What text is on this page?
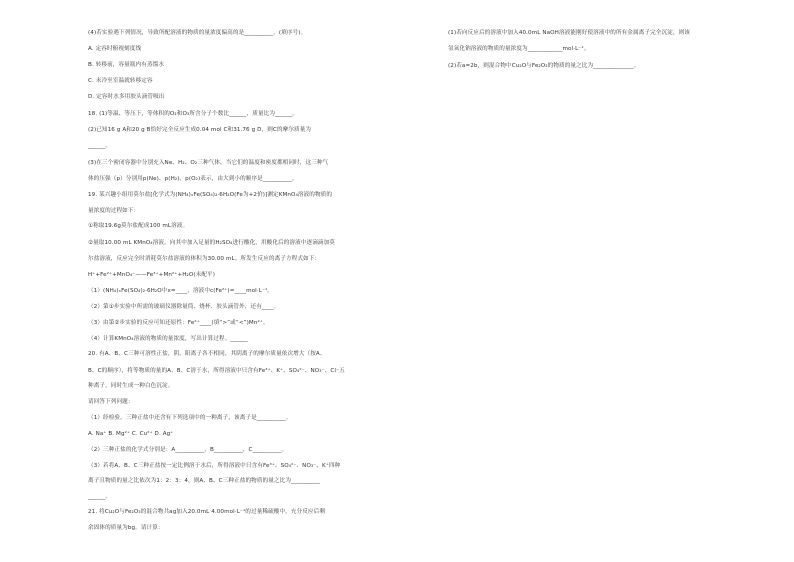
(4)若实验遇下列情况，导致所配溶液的物质的量浓度偏高的是__________。(填序号)。
A. 定容时俯视刻度线
B. 转移前，容量瓶内有蒸馏水
C. 未冷至室温就转移定容
D. 定容时水多用胶头滴管吸出
18. (1)等温、等压下，等体积的O₂和O₃所含分子个数比______，质量比为______。
(2)已知16 g A和20 g B恰好完全反应生成0.04 mol C和31.76 g D，则C的摩尔质量为
______。
(3)在三个密闭容器中分别充入Ne、H₂、O₂三种气体，当它们的温度和密度都相同时，这三种气
体的压强（p）分别用p(Ne)、p(H₂)、p(O₂)表示，由大到小的顺序是__________。
19. 某兴趣小组用莫尔盐[化学式为(NH₄)ₓFe(SO₄)₂·6H₂O(Fe为+2价)]测定KMnO₄溶液的物质的
量浓度的过程如下：
①称取19.6g莫尔盐配成100 mL溶液。
②量取10.00 mL KMnO₄溶液，向其中加入足量的H₂SO₄进行酸化，用酸化后的溶液中逐滴滴加莫
尔盐溶液，反应完全时消耗莫尔盐溶液的体积为30.00 mL。所发生反应的离子方程式如下：
H⁺+Fe²⁺+MnO₄⁻——Fe³⁺+Mn²⁺+H₂O(未配平)
（1）(NH₄)ₓFe(SO₄)₂·6H₂O中x=____，溶液中c(Fe²⁺)=____mol·L⁻¹。
（2）第①步实验中所需的玻璃仪器除量筒、烧杯、胶头滴管外，还有____。
（3）由第②步实验的反应可知还原性：Fe²⁺____(填“>”或“<”)Mn²⁺。
（4）计算KMnO₄溶液的物质的量浓度，写出计算过程。______
20. 有A、B、C三种可溶性正盐，阴、阳离子各不相同，其阴离子的摩尔质量依次增大（按A、
B、C的顺序），将等物质的量的A、B、C溶于水，所得溶液中只含有Fe³⁺、K⁺、SO₄²⁻、NO₃⁻、Cl⁻五
种离子，同时生成一种白色沉淀。
请回答下列问题：
（1）经检验，三种正盐中还含有下列选项中的一种离子，该离子是__________。
A. Na⁺ B. Mg²⁺ C. Cu²⁺ D. Ag⁺
（2）三种正盐的化学式分别是：A__________，B__________，C__________。
（3）若将A、B、C三种正盐按一定比例溶于水后，所得溶液中只含有Fe³⁺、SO₄²⁻、NO₃⁻、K⁺四种
离子且物质的量之比依次为1：2：3：4，则A、B、C三种正盐的物质的量之比为__________
______。
21. 将Cu₂O与Fe₂O₃的混合物共ag加入20.0mL 4.00mol·L⁻¹的过量稀硫酸中，充分反应后剩
余固体的质量为bg。请计算：
(1)若向反应后的溶液中加入40.0mL NaOH溶液能刚好使溶液中的所有金属离子完全沉淀，则该
氢氧化钠溶液的物质的量浓度为____________mol·L⁻¹。
(2)若a=2b，则混合物中Cu₂O与Fe₂O₃的物质的量之比为______________。
